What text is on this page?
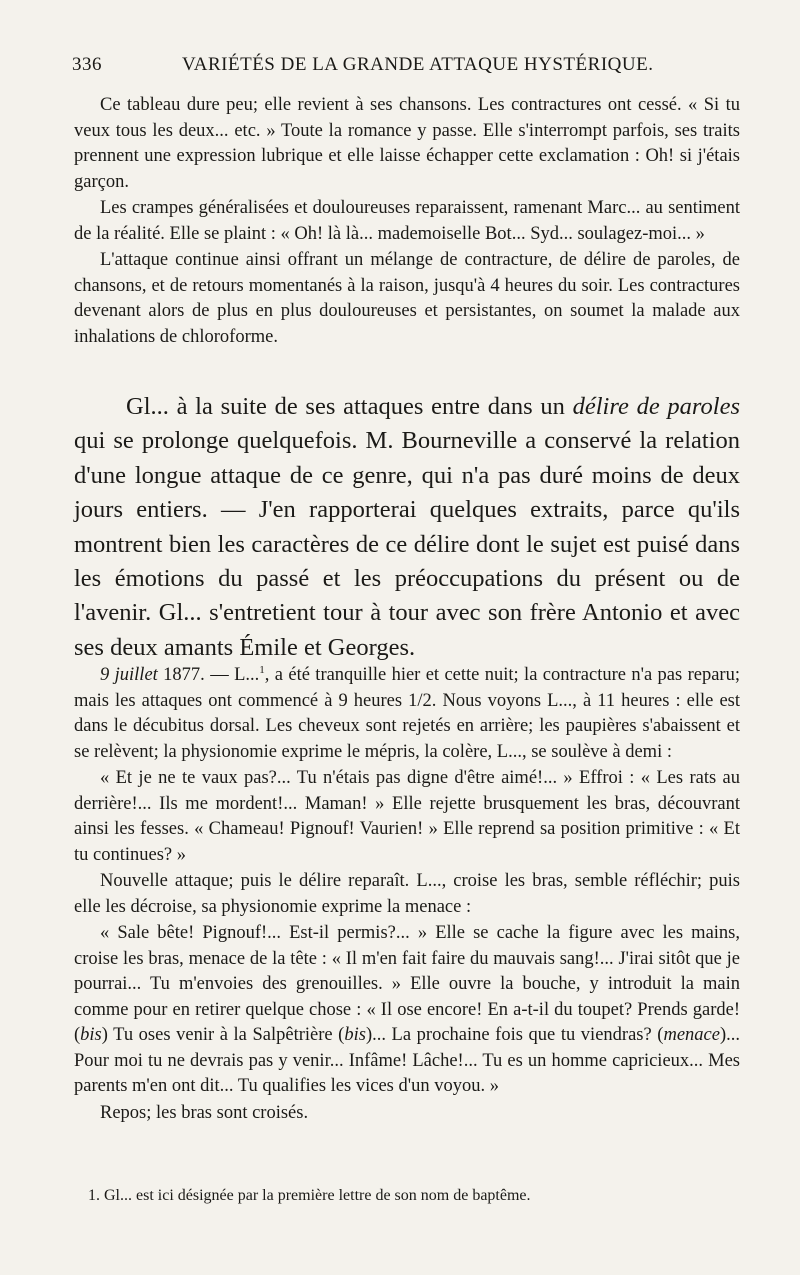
336	VARIÉTÉS DE LA GRANDE ATTAQUE HYSTÉRIQUE.

Ce tableau dure peu; elle revient à ses chansons. Les contractures ont cessé. « Si tu veux tous les deux... etc. » Toute la romance y passe. Elle s'interrompt parfois, ses traits prennent une expression lubrique et elle laisse échapper cette exclamation : Oh! si j'étais garçon.

Les crampes généralisées et douloureuses reparaissent, ramenant Marc... au sentiment de la réalité. Elle se plaint : « Oh! là là... mademoiselle Bot... Syd... soulagez-moi... »

L'attaque continue ainsi offrant un mélange de contracture, de délire de paroles, de chansons, et de retours momentanés à la raison, jusqu'à 4 heures du soir. Les contractures devenant alors de plus en plus douloureuses et persistantes, on soumet la malade aux inhalations de chloroforme.

Gl... à la suite de ses attaques entre dans un délire de paroles qui se prolonge quelquefois. M. Bourneville a conservé la relation d'une longue attaque de ce genre, qui n'a pas duré moins de deux jours entiers. — J'en rapporterai quelques extraits, parce qu'ils montrent bien les caractères de ce délire dont le sujet est puisé dans les émotions du passé et les préoccupations du présent ou de l'avenir. Gl... s'entretient tour à tour avec son frère Antonio et avec ses deux amants Émile et Georges.

9 juillet 1877. — L...$^1$, a été tranquille hier et cette nuit; la contracture n'a pas reparu; mais les attaques ont commencé à 9 heures 1/2. Nous voyons L..., à 11 heures : elle est dans le décubitus dorsal. Les cheveux sont rejetés en arrière; les paupières s'abaissent et se relèvent; la physionomie exprime le mépris, la colère, L..., se soulève à demi :

« Et je ne te vaux pas?... Tu n'étais pas digne d'être aimé!... » Effroi : « Les rats au derrière!... Ils me mordent!... Maman! » Elle rejette brusquement les bras, découvrant ainsi les fesses. « Chameau! Pignouf! Vaurien! » Elle reprend sa position primitive : « Et tu continues? »

Nouvelle attaque; puis le délire reparaît. L..., croise les bras, semble réfléchir; puis elle les décroise, sa physionomie exprime la menace :

« Sale bête! Pignouf!... Est-il permis?... » Elle se cache la figure avec les mains, croise les bras, menace de la tête : « Il m'en fait faire du mauvais sang!... J'irai sitôt que je pourrai... Tu m'envoies des grenouilles. » Elle ouvre la bouche, y introduit la main comme pour en retirer quelque chose : « Il ose encore! En a-t-il du toupet? Prends garde! (bis) Tu oses venir à la Salpêtrière (bis)... La prochaine fois que tu viendras? (menace)... Pour moi tu ne devrais pas y venir... Infâme! Lâche!... Tu es un homme capricieux... Mes parents m'en ont dit... Tu qualifies les vices d'un voyou. »

Repos; les bras sont croisés.

1. Gl... est ici désignée par la première lettre de son nom de baptême.
